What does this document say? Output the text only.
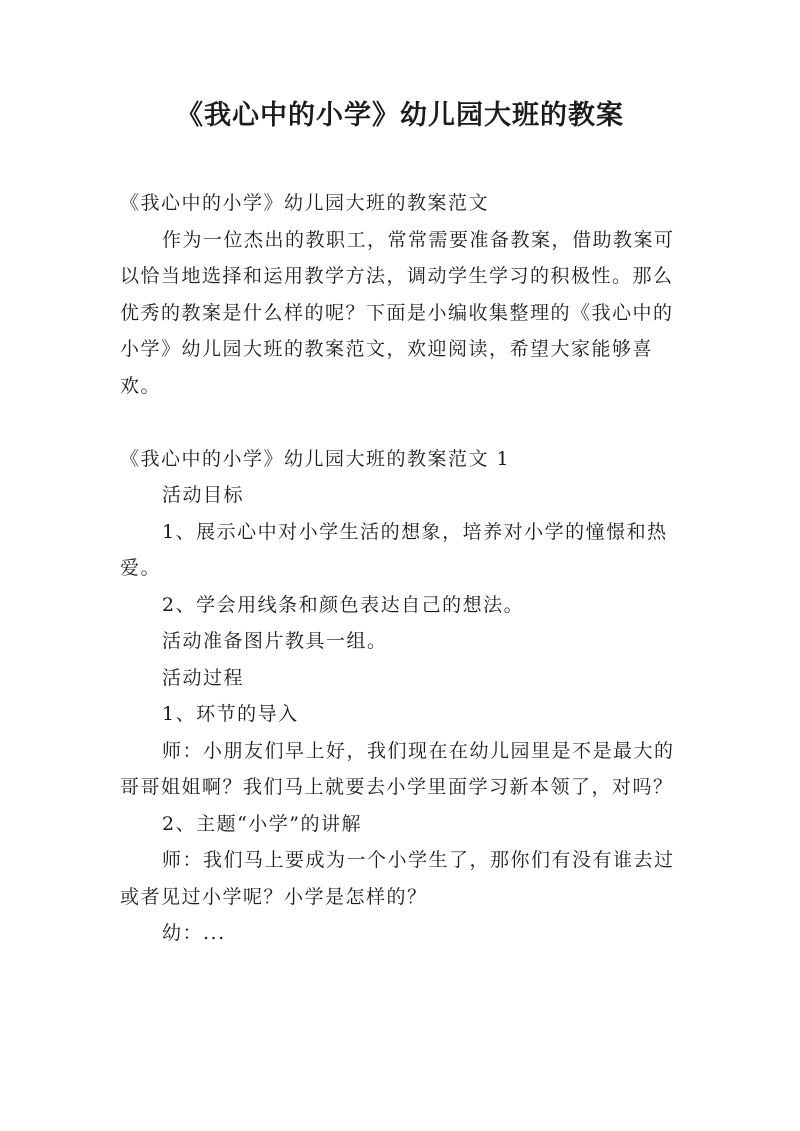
《我心中的小学》幼儿园大班的教案

《我心中的小学》幼儿园大班的教案范文

作为一位杰出的教职工，常常需要准备教案，借助教案可以恰当地选择和运用教学方法，调动学生学习的积极性。那么优秀的教案是什么样的呢？下面是小编收集整理的《我心中的小学》幼儿园大班的教案范文，欢迎阅读，希望大家能够喜欢。

《我心中的小学》幼儿园大班的教案范文 1

活动目标

1、展示心中对小学生活的想象，培养对小学的憧憬和热爱。

2、学会用线条和颜色表达自己的想法。

活动准备图片教具一组。

活动过程

1、环节的导入

师：小朋友们早上好，我们现在在幼儿园里是不是最大的哥哥姐姐啊？我们马上就要去小学里面学习新本领了，对吗？

2、主题“小学”的讲解

师：我们马上要成为一个小学生了，那你们有没有谁去过或者见过小学呢？小学是怎样的？

幼：...
